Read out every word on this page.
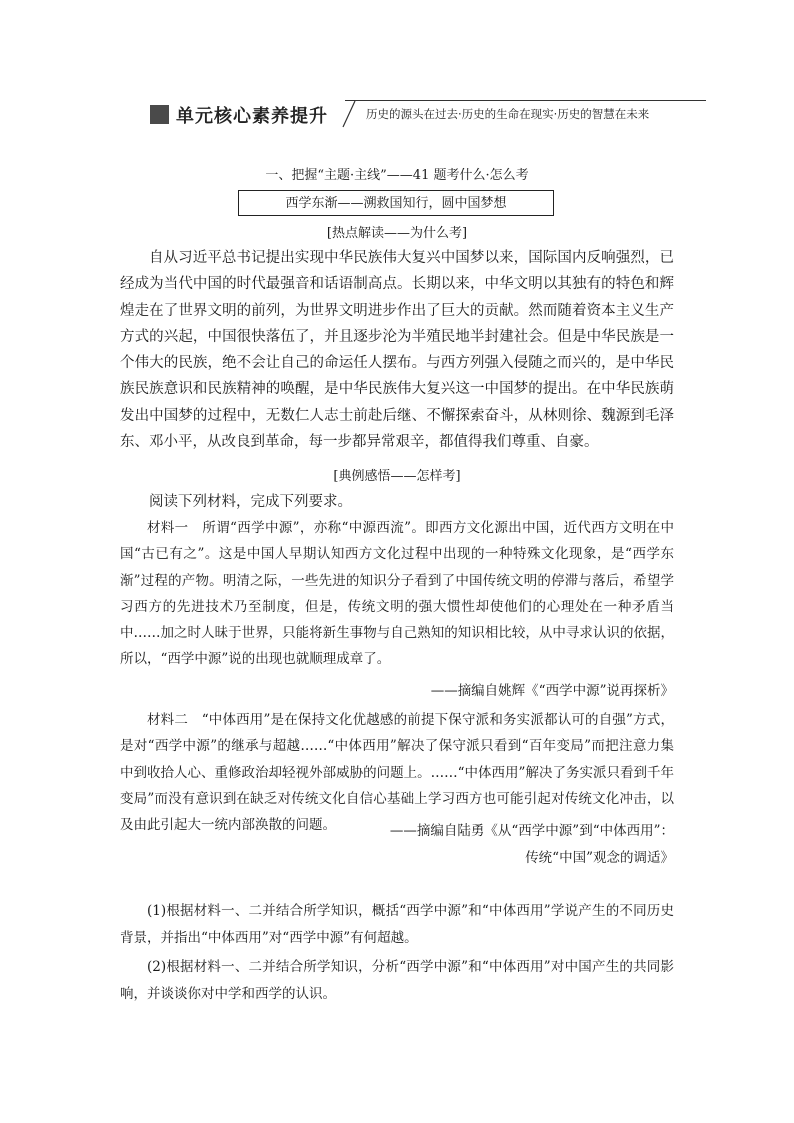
单元核心素养提升	历史的源头在过去·历史的生命在现实·历史的智慧在未来
一、把握“主题·主线”——41 题考什么·怎么考
西学东渐——溯救国知行，圆中国梦想
[热点解读——为什么考]

自从习近平总书记提出实现中华民族伟大复兴中国梦以来，国际国内反响强烈，已经成为当代中国的时代最强音和话语制高点。长期以来，中华文明以其独有的特色和辉煌走在了世界文明的前列，为世界文明进步作出了巨大的贡献。然而随着资本主义生产方式的兴起，中国很快落伍了，并且逐步沦为半殖民地半封建社会。但是中华民族是一个伟大的民族，绝不会让自己的命运任人摆布。与西方列强入侵随之而兴的，是中华民族民族意识和民族精神的唤醒，是中华民族伟大复兴这一中国梦的提出。在中华民族萌发出中国梦的过程中，无数仁人志士前赴后继、不懈探索奋斗，从林则徐、魏源到毛泽东、邓小平，从改良到革命，每一步都异常艰辛，都值得我们尊重、自豪。

[典例感悟——怎样考]

阅读下列材料，完成下列要求。

材料一　所谓“西学中源”，亦称“中源西流”。即西方文化源出中国，近代西方文明在中国“古已有之”。这是中国人早期认知西方文化过程中出现的一种特殊文化现象，是“西学东渐”过程的产物。明清之际，一些先进的知识分子看到了中国传统文明的停滞与落后，希望学习西方的先进技术乃至制度，但是，传统文明的强大惯性却使他们的心理处在一种矛盾当中……加之时人昧于世界，只能将新生事物与自己熟知的知识相比较，从中寻求认识的依据，所以，“西学中源”说的出现也就顺理成章了。

——摘编自姚辉《“西学中源”说再探析》

材料二　“中体西用”是在保持文化优越感的前提下保守派和务实派都认可的自强”方式，是对“西学中源”的继承与超越……“中体西用”解决了保守派只看到“百年变局”而把注意力集中到收拾人心、重修政治却轻视外部威胁的问题上。……“中体西用”解决了务实派只看到千年变局”而没有意识到在缺乏对传统文化自信心基础上学习西方也可能引起对传统文化冲击，以及由此引起大一统内部涣散的问题。	——摘编自陆勇《从“西学中源”到“中体西用”：
传统“中国”观念的调适》

(1)根据材料一、二并结合所学知识，概括“西学中源”和“中体西用”学说产生的不同历史背景，并指出“中体西用”对“西学中源”有何超越。

(2)根据材料一、二并结合所学知识，分析“西学中源”和“中体西用”对中国产生的共同影响，并谈谈你对中学和西学的认识。
